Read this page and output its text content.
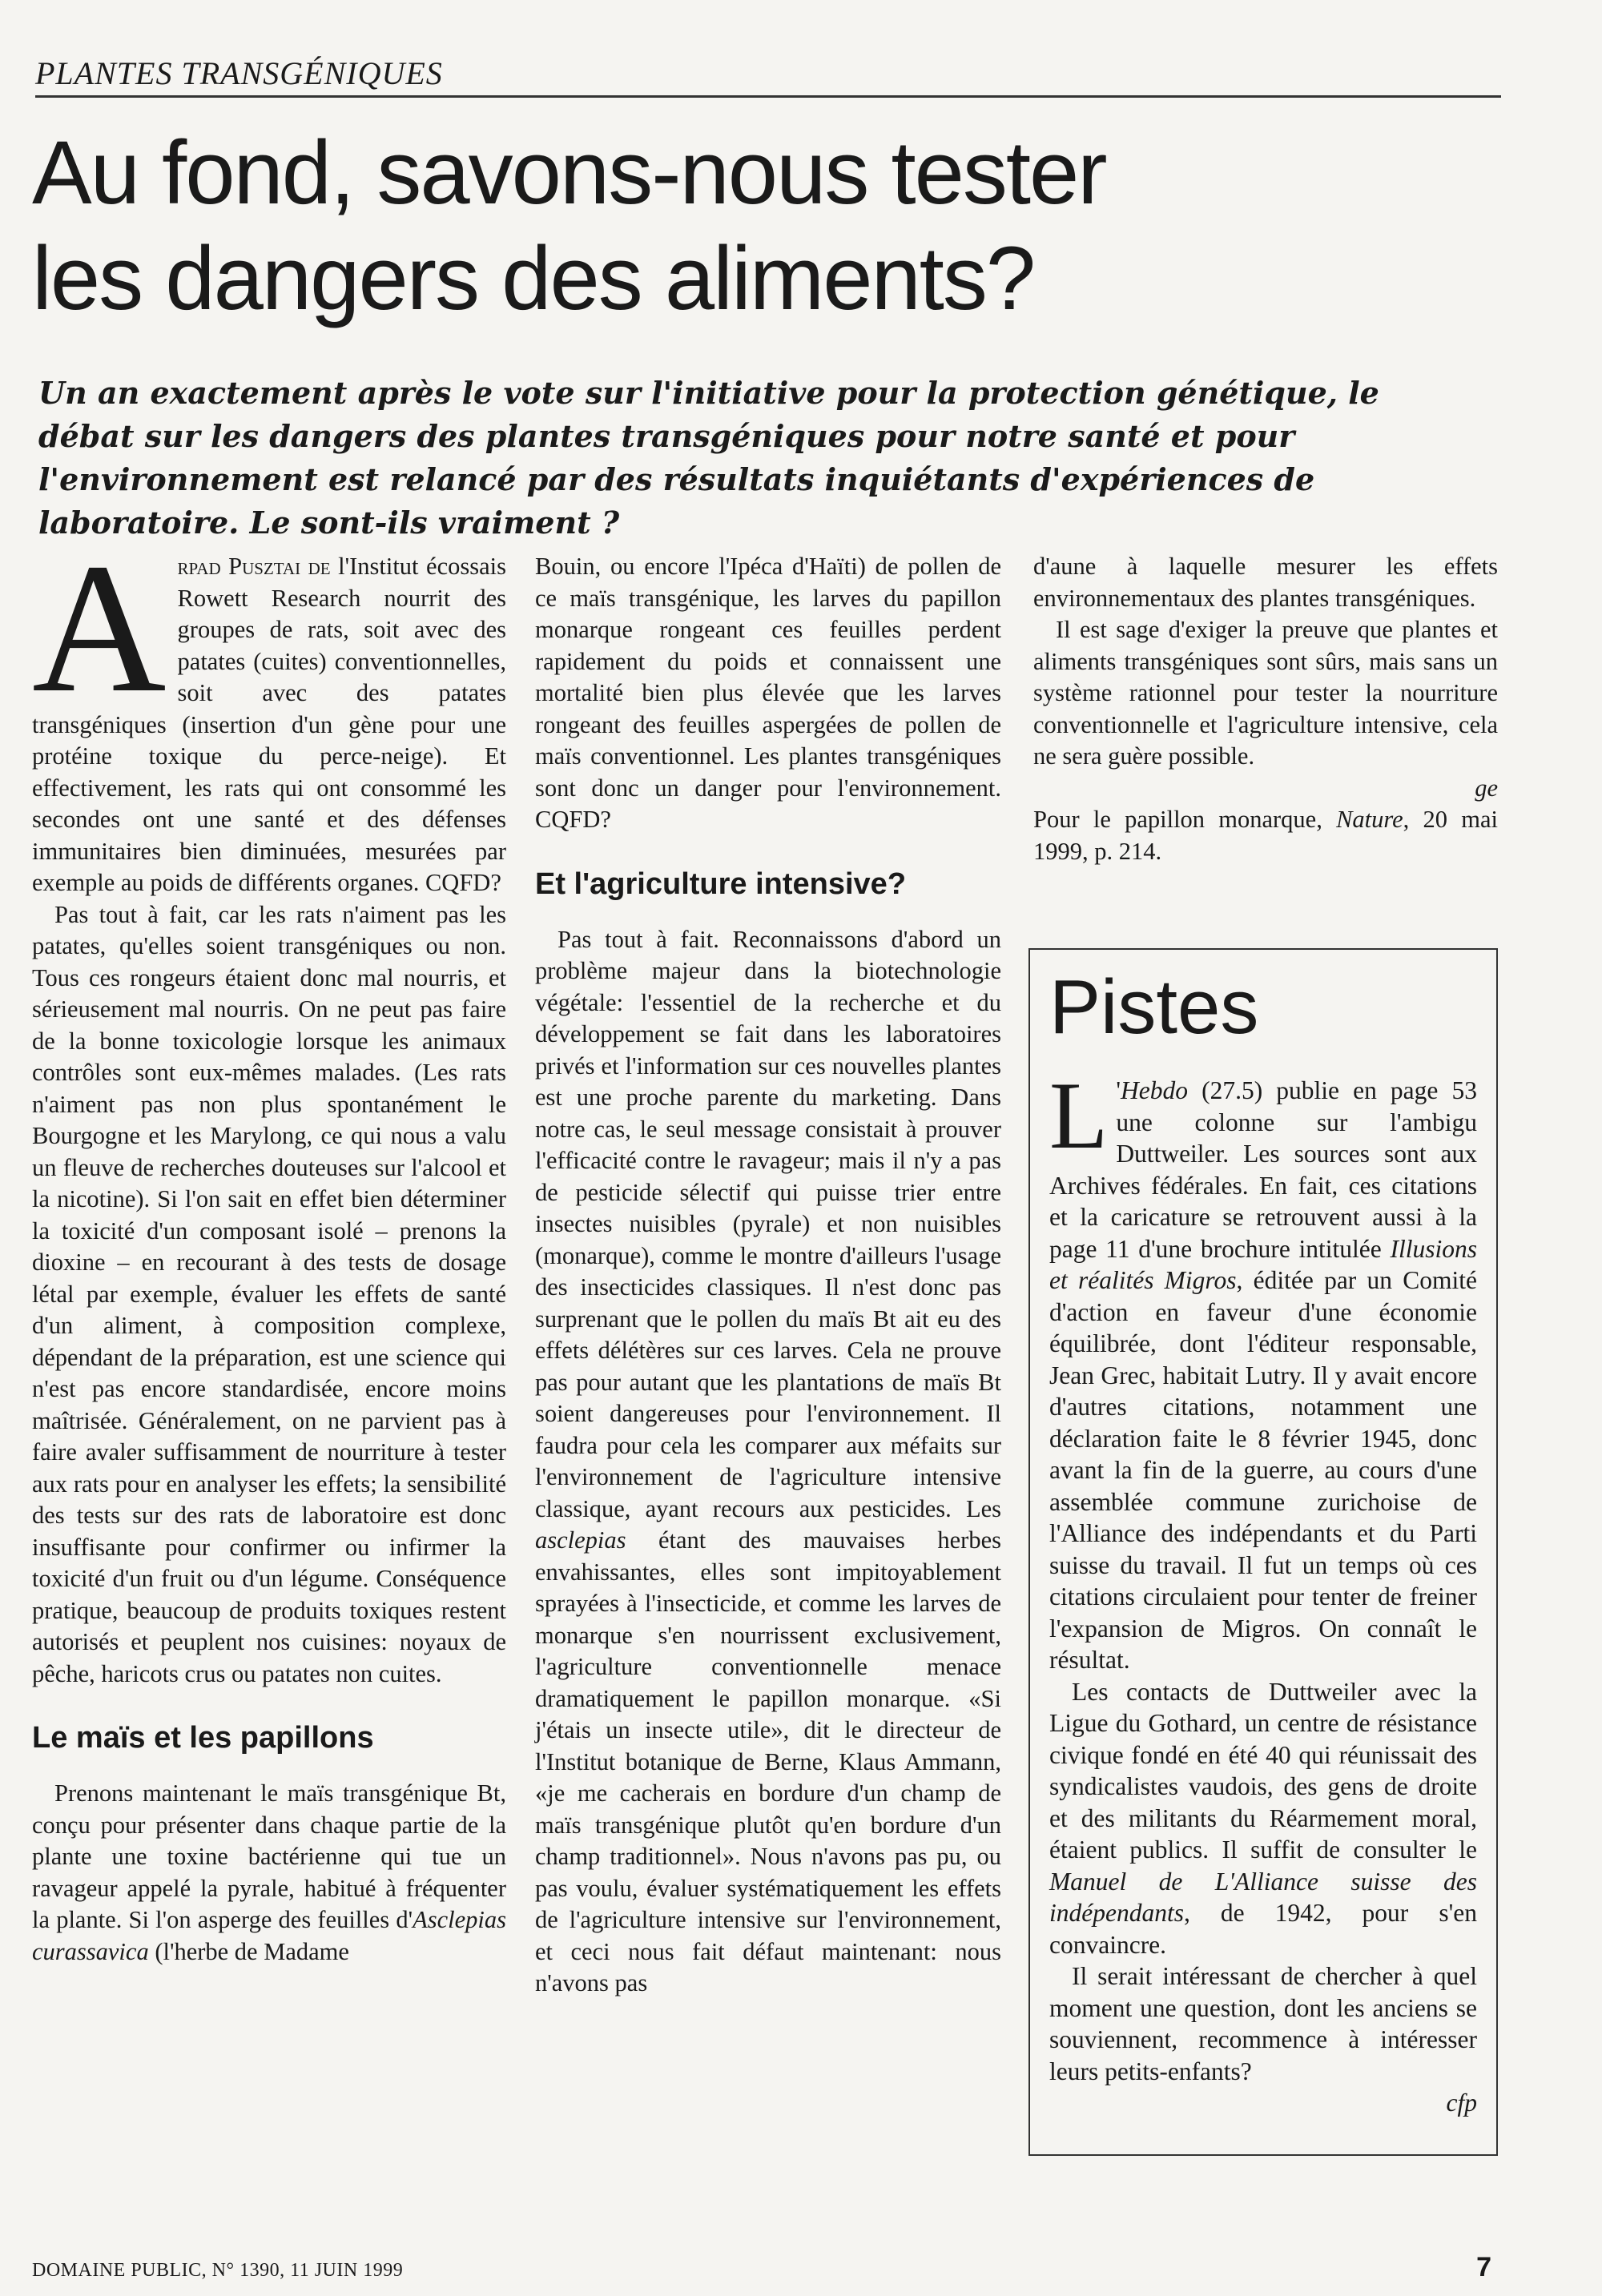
PLANTES TRANSGÉNIQUES
Au fond, savons-nous tester
les dangers des aliments?
Un an exactement après le vote sur l'initiative pour la protection génétique, le débat sur les dangers des plantes transgéniques pour notre santé et pour l'environnement est relancé par des résultats inquiétants d'expériences de laboratoire. Le sont-ils vraiment ?

Arpad Pusztai de l'Institut écossais Rowett Research nourrit des groupes de rats, soit avec des patates (cuites) conventionnelles, soit avec des patates transgéniques (insertion d'un gène pour une protéine toxique du perce-neige). Et effectivement, les rats qui ont consommé les secondes ont une santé et des défenses immunitaires bien diminuées, mesurées par exemple au poids de différents organes. CQFD?

Pas tout à fait, car les rats n'aiment pas les patates, qu'elles soient transgéniques ou non. Tous ces rongeurs étaient donc mal nourris, et sérieusement mal nourris. On ne peut pas faire de la bonne toxicologie lorsque les animaux contrôles sont eux-mêmes malades. (Les rats n'aiment pas non plus spontanément le Bourgogne et les Marylong, ce qui nous a valu un fleuve de recherches douteuses sur l'alcool et la nicotine). Si l'on sait en effet bien déterminer la toxicité d'un composant isolé – prenons la dioxine – en recourant à des tests de dosage létal par exemple, évaluer les effets de santé d'un aliment, à composition complexe, dépendant de la préparation, est une science qui n'est pas encore standardisée, encore moins maîtrisée. Généralement, on ne parvient pas à faire avaler suffisamment de nourriture à tester aux rats pour en analyser les effets; la sensibilité des tests sur des rats de laboratoire est donc insuffisante pour confirmer ou infirmer la toxicité d'un fruit ou d'un légume. Conséquence pratique, beaucoup de produits toxiques restent autorisés et peuplent nos cuisines: noyaux de pêche, haricots crus ou patates non cuites.

Le maïs et les papillons

Prenons maintenant le maïs transgénique Bt, conçu pour présenter dans chaque partie de la plante une toxine bactérienne qui tue un ravageur appelé la pyrale, habitué à fréquenter la plante. Si l'on asperge des feuilles d'Asclepias curassavica (l'herbe de Madame

Bouin, ou encore l'Ipéca d'Haïti) de pollen de ce maïs transgénique, les larves du papillon monarque rongeant ces feuilles perdent rapidement du poids et connaissent une mortalité bien plus élevée que les larves rongeant des feuilles aspergées de pollen de maïs conventionnel. Les plantes transgéniques sont donc un danger pour l'environnement. CQFD?

Et l'agriculture intensive?

Pas tout à fait. Reconnaissons d'abord un problème majeur dans la biotechnologie végétale: l'essentiel de la recherche et du développement se fait dans les laboratoires privés et l'information sur ces nouvelles plantes est une proche parente du marketing. Dans notre cas, le seul message consistait à prouver l'efficacité contre le ravageur; mais il n'y a pas de pesticide sélectif qui puisse trier entre insectes nuisibles (pyrale) et non nuisibles (monarque), comme le montre d'ailleurs l'usage des insecticides classiques. Il n'est donc pas surprenant que le pollen du maïs Bt ait eu des effets délétères sur ces larves. Cela ne prouve pas pour autant que les plantations de maïs Bt soient dangereuses pour l'environnement. Il faudra pour cela les comparer aux méfaits sur l'environnement de l'agriculture intensive classique, ayant recours aux pesticides. Les asclepias étant des mauvaises herbes envahissantes, elles sont impitoyablement sprayées à l'insecticide, et comme les larves de monarque s'en nourrissent exclusivement, l'agriculture conventionnelle menace dramatiquement le papillon monarque. «Si j'étais un insecte utile», dit le directeur de l'Institut botanique de Berne, Klaus Ammann, «je me cacherais en bordure d'un champ de maïs transgénique plutôt qu'en bordure d'un champ traditionnel». Nous n'avons pas pu, ou pas voulu, évaluer systématiquement les effets de l'agriculture intensive sur l'environnement, et ceci nous fait défaut maintenant: nous n'avons pas

d'aune à laquelle mesurer les effets environnementaux des plantes transgéniques.

Il est sage d'exiger la preuve que plantes et aliments transgéniques sont sûrs, mais sans un système rationnel pour tester la nourriture conventionnelle et l'agriculture intensive, cela ne sera guère possible.

ge

Pour le papillon monarque, Nature, 20 mai 1999, p. 214.

Pistes

L 'Hebdo (27.5) publie en page 53 une colonne sur l'ambigu Duttweiler. Les sources sont aux Archives fédérales. En fait, ces citations et la caricature se retrouvent aussi à la page 11 d'une brochure intitulée Illusions et réalités Migros, éditée par un Comité d'action en faveur d'une économie équilibrée, dont l'éditeur responsable, Jean Grec, habitait Lutry. Il y avait encore d'autres citations, notamment une déclaration faite le 8 février 1945, donc avant la fin de la guerre, au cours d'une assemblée commune zurichoise de l'Alliance des indépendants et du Parti suisse du travail. Il fut un temps où ces citations circulaient pour tenter de freiner l'expansion de Migros. On connaît le résultat.

Les contacts de Duttweiler avec la Ligue du Gothard, un centre de résistance civique fondé en été 40 qui réunissait des syndicalistes vaudois, des gens de droite et des militants du Réarmement moral, étaient publics. Il suffit de consulter le Manuel de L'Alliance suisse des indépendants, de 1942, pour s'en convaincre.

Il serait intéressant de chercher à quel moment une question, dont les anciens se souviennent, recommence à intéresser leurs petits-enfants?

cfp
DOMAINE PUBLIC, N° 1390, 11 JUIN 1999	7
